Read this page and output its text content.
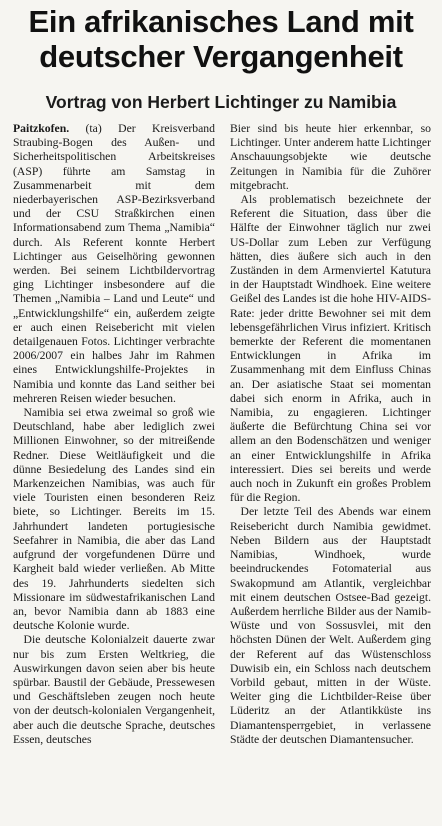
Ein afrikanisches Land mit
deutscher Vergangenheit
Vortrag von Herbert Lichtinger zu Namibia

Paitzkofen. (ta) Der Kreisverband Straubing-Bogen des Außen- und Sicherheitspolitischen Arbeitskreises (ASP) führte am Samstag in Zusammenarbeit mit dem niederbayerischen ASP-Bezirksverband und der CSU Straßkirchen einen Informationsabend zum Thema „Namibia“ durch. Als Referent konnte Herbert Lichtinger aus Geiselhöring gewonnen werden. Bei seinem Lichtbildervortrag ging Lichtinger insbesondere auf die Themen „Namibia – Land und Leute“ und „Entwicklungshilfe“ ein, außerdem zeigte er auch einen Reisebericht mit vielen detailgenauen Fotos. Lichtinger verbrachte 2006/2007 ein halbes Jahr im Rahmen eines Entwicklungshilfe-Projektes in Namibia und konnte das Land seither bei mehreren Reisen wieder besuchen.

Namibia sei etwa zweimal so groß wie Deutschland, habe aber lediglich zwei Millionen Einwohner, so der mitreißende Redner. Diese Weitläufigkeit und die dünne Besiedelung des Landes sind ein Markenzeichen Namibias, was auch für viele Touristen einen besonderen Reiz biete, so Lichtinger. Bereits im 15. Jahrhundert landeten portugiesische Seefahrer in Namibia, die aber das Land aufgrund der vorgefundenen Dürre und Kargheit bald wieder verließen. Ab Mitte des 19. Jahrhunderts siedelten sich Missionare im südwestafrikanischen Land an, bevor Namibia dann ab 1883 eine deutsche Kolonie wurde.

Die deutsche Kolonialzeit dauerte zwar nur bis zum Ersten Weltkrieg, die Auswirkungen davon seien aber bis heute spürbar. Baustil der Gebäude, Pressewesen und Geschäftsleben zeugen noch heute von der deutsch-kolonialen Vergangenheit, aber auch die deutsche Sprache, deutsches Essen, deutsches

Bier sind bis heute hier erkennbar, so Lichtinger. Unter anderem hatte Lichtinger Anschauungsobjekte wie deutsche Zeitungen in Namibia für die Zuhörer mitgebracht.

Als problematisch bezeichnete der Referent die Situation, dass über die Hälfte der Einwohner täglich nur zwei US-Dollar zum Leben zur Verfügung hätten, dies äußere sich auch in den Zuständen in dem Armenviertel Katutura in der Hauptstadt Windhoek. Eine weitere Geißel des Landes ist die hohe HIV-AIDS-Rate: jeder dritte Bewohner sei mit dem lebensgefährlichen Virus infiziert. Kritisch bemerkte der Referent die momentanen Entwicklungen in Afrika im Zusammenhang mit dem Einfluss Chinas an. Der asiatische Staat sei momentan dabei sich enorm in Afrika, auch in Namibia, zu engagieren. Lichtinger äußerte die Befürchtung China sei vor allem an den Bodenschätzen und weniger an einer Entwicklungshilfe in Afrika interessiert. Dies sei bereits und werde auch noch in Zukunft ein großes Problem für die Region.

Der letzte Teil des Abends war einem Reisebericht durch Namibia gewidmet. Neben Bildern aus der Hauptstadt Namibias, Windhoek, wurde beeindruckendes Fotomaterial aus Swakopmund am Atlantik, vergleichbar mit einem deutschen Ostsee-Bad gezeigt. Außerdem herrliche Bilder aus der Namib-Wüste und von Sossusvlei, mit den höchsten Dünen der Welt. Außerdem ging der Referent auf das Wüstenschloss Duwisib ein, ein Schloss nach deutschem Vorbild gebaut, mitten in der Wüste. Weiter ging die Lichtbilder-Reise über Lüderitz an der Atlantikküste ins Diamantensperrgebiet, in verlassene Städte der deutschen Diamantensucher.
